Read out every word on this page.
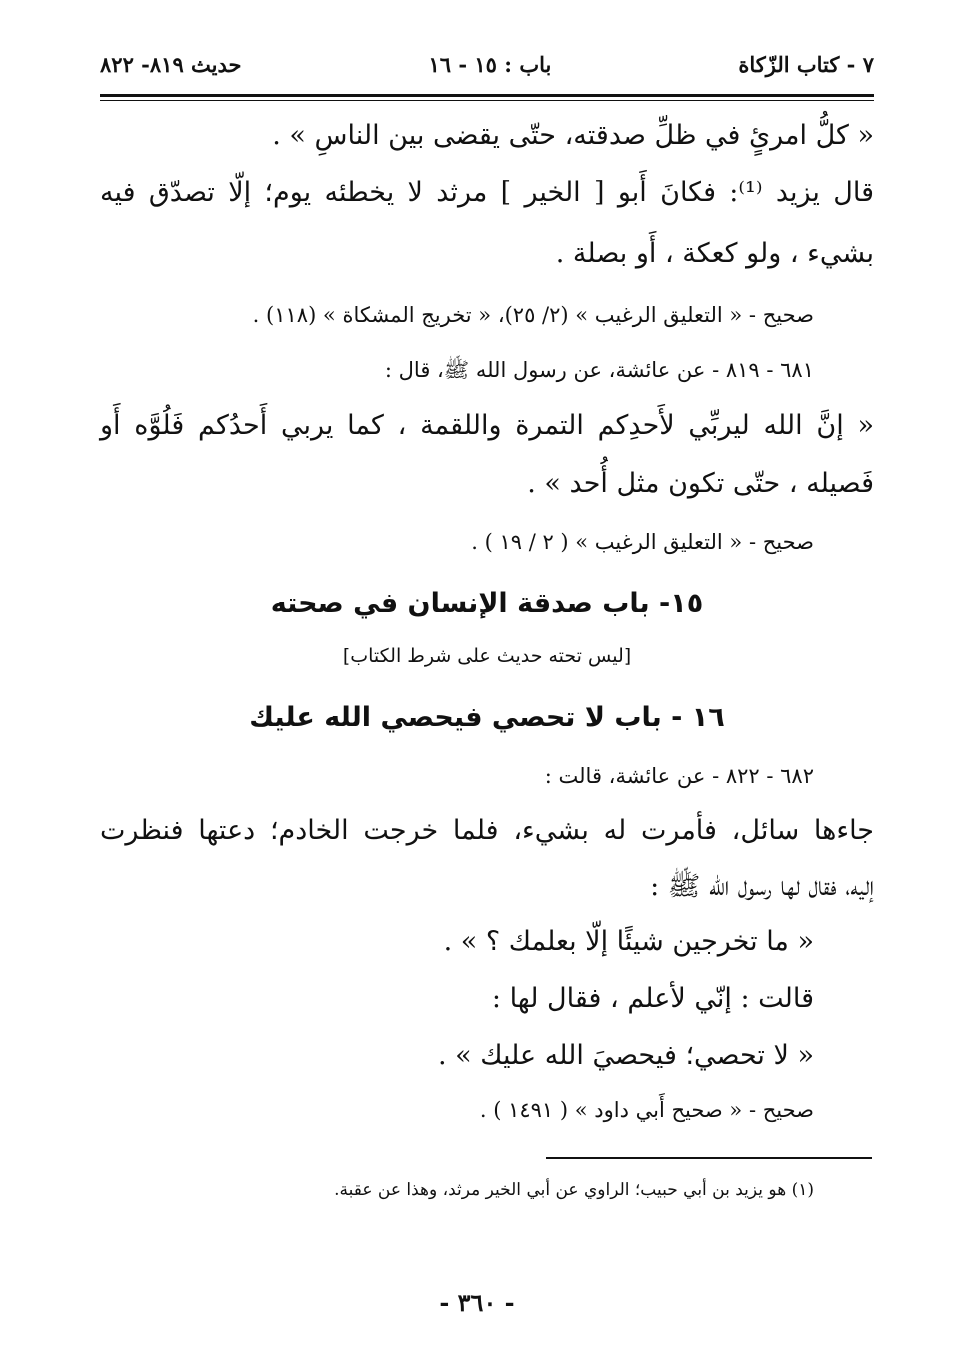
٧ - كتاب الزّكاة
باب : ١٥ - ١٦
حديث ٨١٩- ٨٢٢
« كلُّ امرئٍ في ظلِّ صدقته، حتّى يقضى بين الناسِ » .
قال يزيد ⁽¹⁾: فكانَ أَبو [ الخير ] مرثد لا يخطئه يوم؛ إلّا تصدّق فيه
بشيء ، ولو كعكة ، أَو بصلة .
صحيح - « التعليق الرغيب » (٢/ ٢٥)، « تخريج المشكاة » (١١٨) .
٦٨١ - ٨١٩ - عن عائشة، عن رسول الله ﷺ، قال :
« إنَّ الله ليربِّي لأَحدِكم التمرة واللقمة ، كما يربي أَحدُكم فَلُوَّه أَو
فَصيله ، حتّى تكون مثل أُحد » .
صحيح - « التعليق الرغيب » ( ٢ / ١٩ ) .
١٥- باب صدقة الإنسان في صحته
[ليس تحته حديث على شرط الكتاب]
١٦ - باب لا تحصي فيحصي الله عليك
٦٨٢ - ٨٢٢ - عن عائشة، قالت :
جاءها سائل، فأمرت له بشيء، فلما خرجت الخادم؛ دعتها فنظرت
إليه، فقال لها رسول الله ﷺ :
« ما تخرجين شيئًا إلّا بعلمك ؟ » .
قالت : إنّي لأعلم ، فقال لها :
« لا تحصي؛ فيحصيَ الله عليك » .
صحيح - « صحيح أَبي داود » ( ١٤٩١ ) .
(١) هو يزيد بن أبي حبيب؛ الراوي عن أبي الخير مرثد، وهذا عن عقبة.
- ٣٦٠ -
